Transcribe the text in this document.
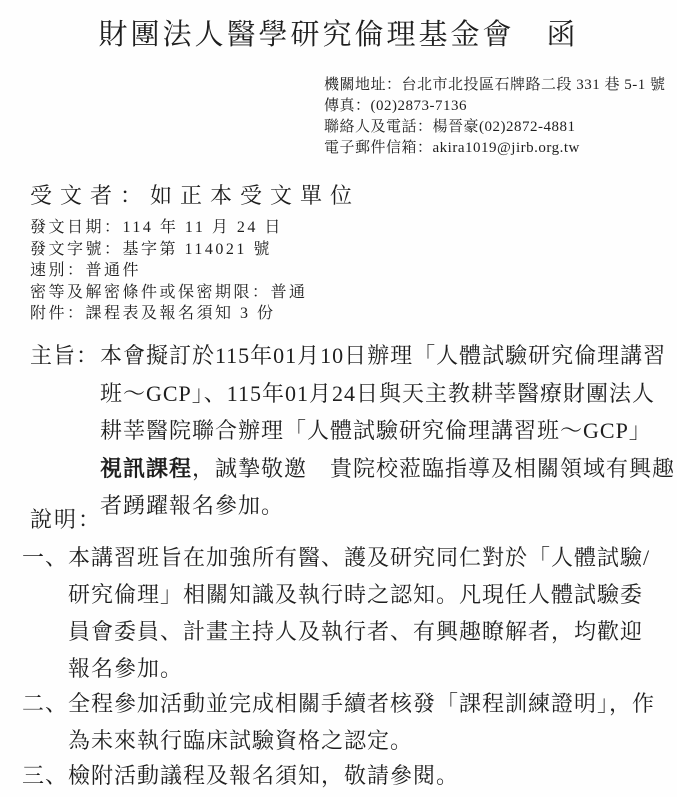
財團法人醫學研究倫理基金會　函
機關地址：台北市北投區石牌路二段 331 巷 5-1 號
傳真：(02)2873-7136
聯絡人及電話：楊晉豪(02)2872-4881
電子郵件信箱：akira1019@jirb.org.tw
受文者：如正本受文單位
發文日期：114 年 11 月 24 日
發文字號：基字第 114021 號
速別：普通件
密等及解密條件或保密期限：普通
附件：課程表及報名須知 3 份
主旨： 本會擬訂於115年01月10日辦理「人體試驗研究倫理講習
班～GCP」、115年01月24日與天主教耕莘醫療財團法人
耕莘醫院聯合辦理「人體試驗研究倫理講習班～GCP」
視訊課程，誠摯敬邀　貴院校蒞臨指導及相關領域有興趣
者踴躍報名參加。
說明：
一、 本講習班旨在加強所有醫、護及研究同仁對於「人體試驗/
研究倫理」相關知識及執行時之認知。凡現任人體試驗委
員會委員、計畫主持人及執行者、有興趣瞭解者，均歡迎
報名參加。
二、 全程參加活動並完成相關手續者核發「課程訓練證明」，作
為未來執行臨床試驗資格之認定。
三、 檢附活動議程及報名須知，敬請參閱。
